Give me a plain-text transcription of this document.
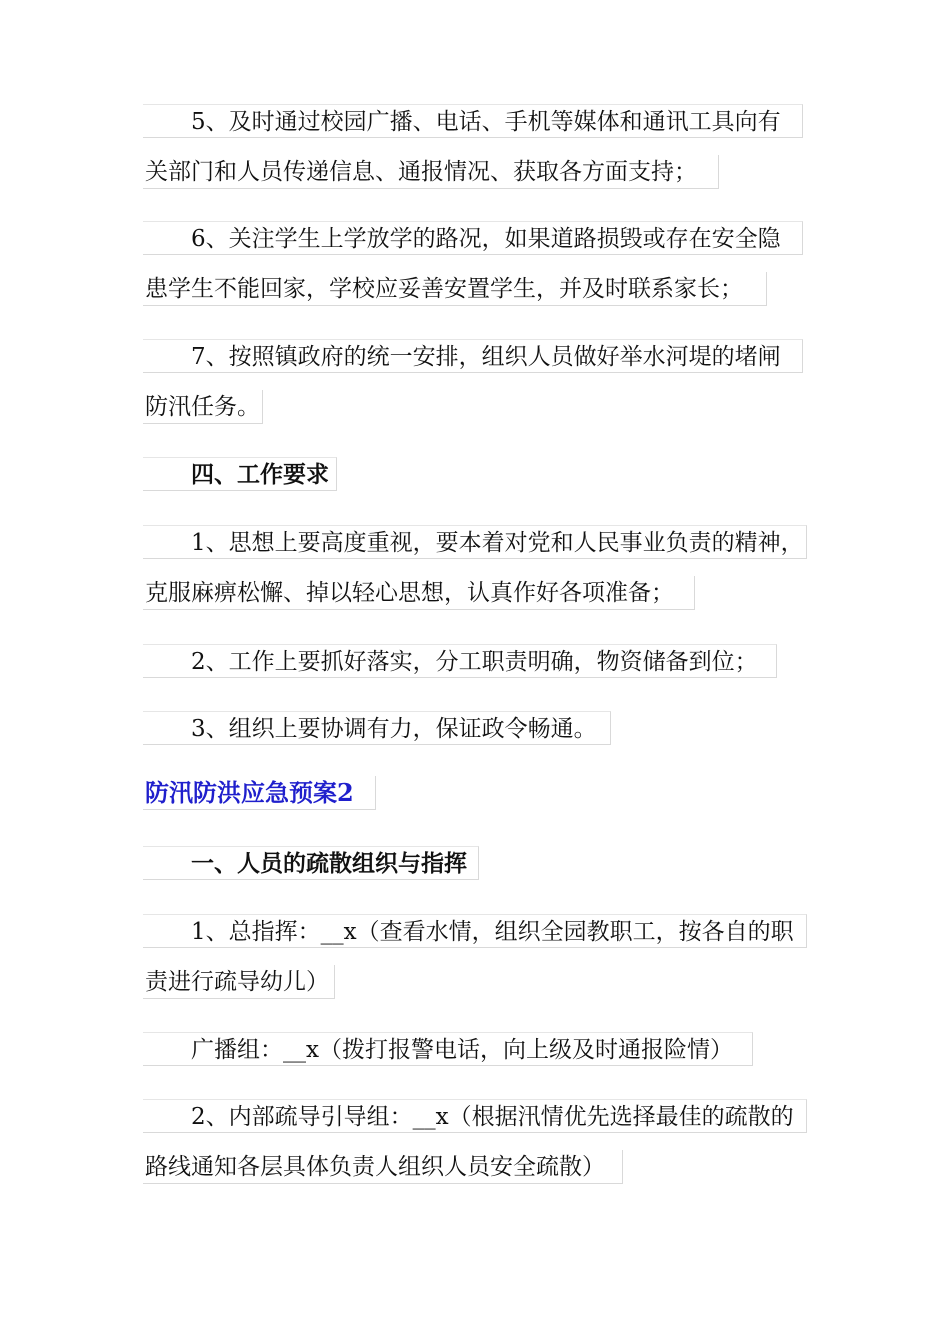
5、及时通过校园广播、电话、手机等媒体和通讯工具向有
关部门和人员传递信息、通报情况、获取各方面支持；
6、关注学生上学放学的路况，如果道路损毁或存在安全隐
患学生不能回家，学校应妥善安置学生，并及时联系家长；
7、按照镇政府的统一安排，组织人员做好举水河堤的堵闸
防汛任务。
四、工作要求
1、思想上要高度重视，要本着对党和人民事业负责的精神，
克服麻痹松懈、掉以轻心思想，认真作好各项准备；
2、工作上要抓好落实，分工职责明确，物资储备到位；
3、组织上要协调有力，保证政令畅通。
防汛防洪应急预案2
一、人员的疏散组织与指挥
1、总指挥：__x（查看水情，组织全园教职工，按各自的职
责进行疏导幼儿）
广播组：__x（拨打报警电话，向上级及时通报险情）
2、内部疏导引导组：__x（根据汛情优先选择最佳的疏散的
路线通知各层具体负责人组织人员安全疏散）
